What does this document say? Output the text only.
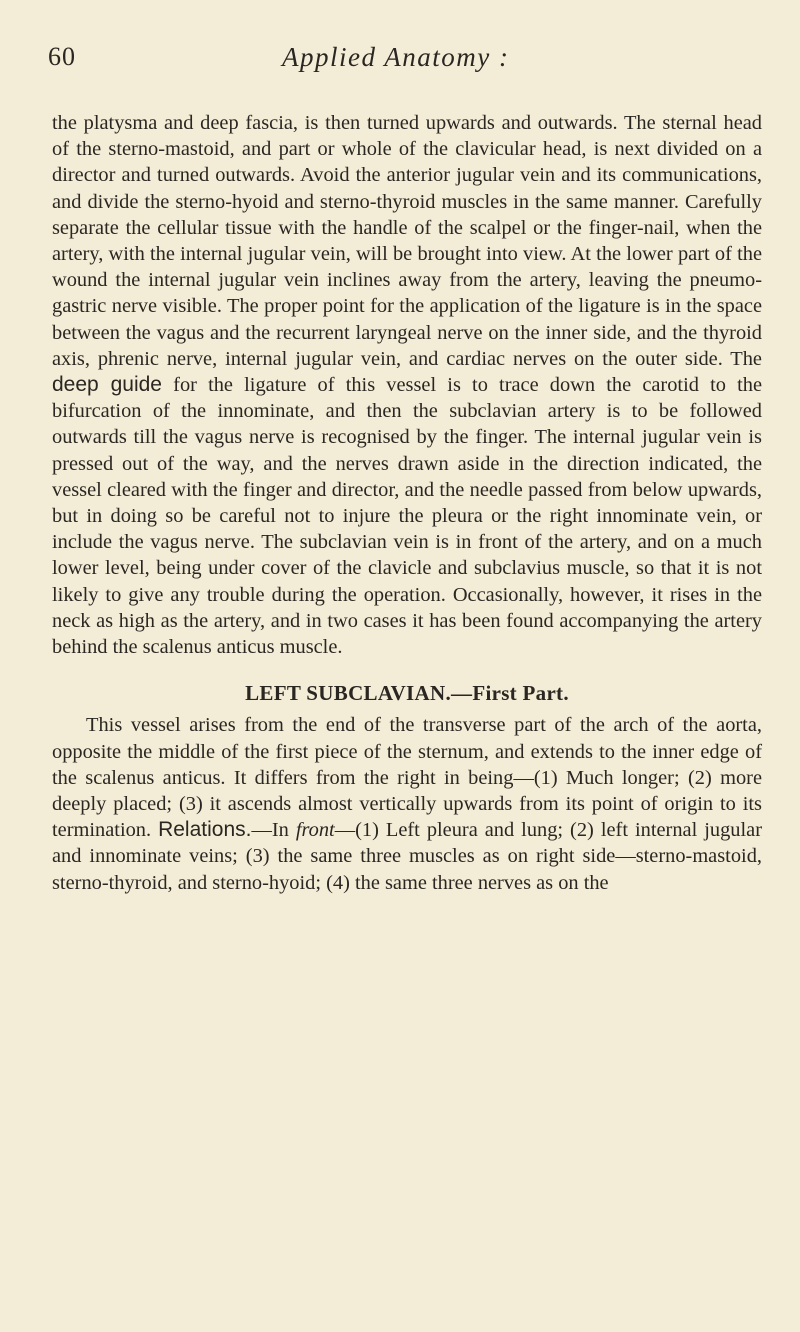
60	Applied Anatomy :

the platysma and deep fascia, is then turned upwards and outwards. The sternal head of the sterno-mastoid, and part or whole of the clavicular head, is next divided on a director and turned outwards. Avoid the anterior jugular vein and its communications, and divide the sterno-hyoid and sterno-thyroid muscles in the same manner. Carefully separate the cellular tissue with the handle of the scalpel or the finger-nail, when the artery, with the internal jugular vein, will be brought into view. At the lower part of the wound the internal jugular vein inclines away from the artery, leaving the pneumo-gastric nerve visible. The proper point for the application of the ligature is in the space between the vagus and the recurrent laryngeal nerve on the inner side, and the thyroid axis, phrenic nerve, internal jugular vein, and cardiac nerves on the outer side. The deep guide for the ligature of this vessel is to trace down the carotid to the bifurcation of the innominate, and then the subclavian artery is to be followed outwards till the vagus nerve is recognised by the finger. The internal jugular vein is pressed out of the way, and the nerves drawn aside in the direction indicated, the vessel cleared with the finger and director, and the needle passed from below upwards, but in doing so be careful not to injure the pleura or the right innominate vein, or include the vagus nerve. The subclavian vein is in front of the artery, and on a much lower level, being under cover of the clavicle and subclavius muscle, so that it is not likely to give any trouble during the operation. Occasionally, however, it rises in the neck as high as the artery, and in two cases it has been found accompanying the artery behind the scalenus anticus muscle.

LEFT SUBCLAVIAN.—First Part.

This vessel arises from the end of the transverse part of the arch of the aorta, opposite the middle of the first piece of the sternum, and extends to the inner edge of the scalenus anticus. It differs from the right in being—(1) Much longer; (2) more deeply placed; (3) it ascends almost vertically upwards from its point of origin to its termination. Relations.—In front—(1) Left pleura and lung; (2) left internal jugular and innominate veins; (3) the same three muscles as on right side—sterno-mastoid, sterno-thyroid, and sterno-hyoid; (4) the same three nerves as on the
